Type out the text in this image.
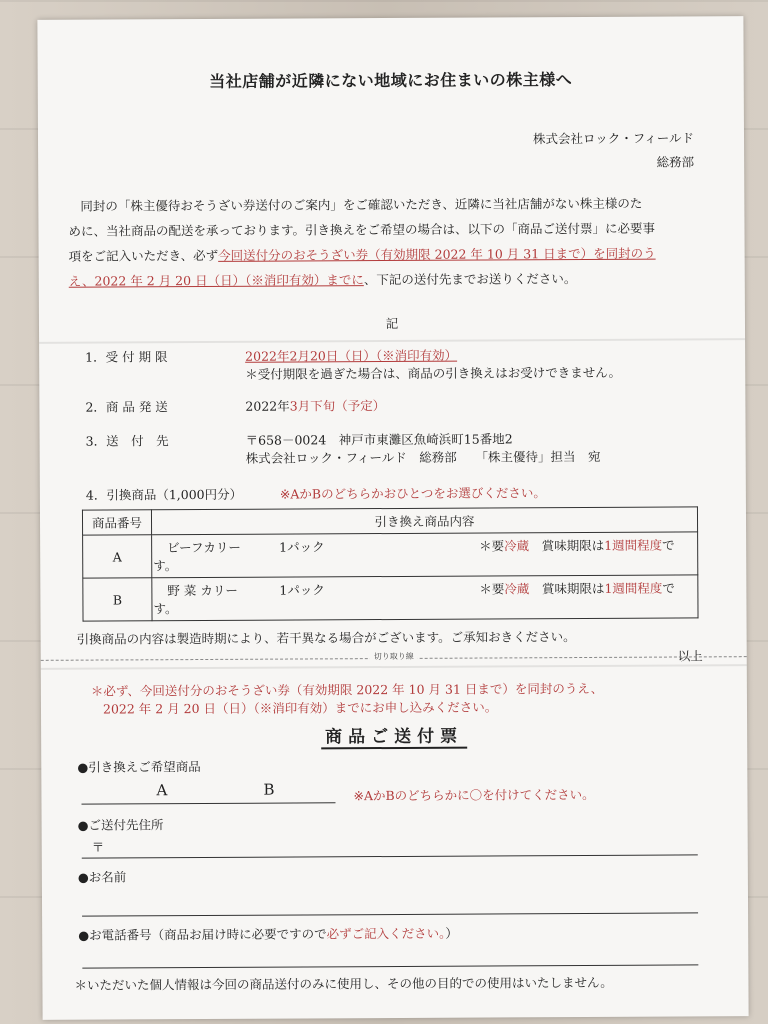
当社店舗が近隣にない地域にお住まいの株主様へ
株式会社ロック・フィールド
総務部
同封の「株主優待おそうざい券送付のご案内」をご確認いただき、近隣に当社店舗がない株主様のた
めに、当社商品の配送を承っております。引き換えをご希望の場合は、以下の「商品ご送付票」に必要事
項をご記入いただき、必ず今回送付分のおそうざい券（有効期限 2022 年 10 月 31 日まで）を同封のう
え、2022 年 2 月 20 日（日）（※消印有効）までに、下記の送付先までお送りください。
記
1．受 付 期 限	2022年2月20日（日）（※消印有効）
＊受付期限を過ぎた場合は、商品の引き換えはお受けできません。
2．商 品 発 送	2022年3月下旬（予定）
3．送　付　先	〒658－0024　神戸市東灘区魚崎浜町15番地2
株式会社ロック・フィールド　総務部　　「株主優待」担当　宛
4．引換商品（1,000円分）	※AかBのどちらかおひとつをお選びください。
商品番号	引き換え商品内容
A	ビーフカリー 1パック ＊要冷蔵　 賞味期限は1週間程度です。
B	野 菜 カリー 1パック ＊要冷蔵　 賞味期限は1週間程度です。
引換商品の内容は製造時期により、若干異なる場合がございます。ご承知おきください。
以上
切り取り線
＊必ず、今回送付分のおそうざい券（有効期限 2022 年 10 月 31 日まで）を同封のうえ、
2022 年 2 月 20 日（日）（※消印有効）までにお申し込みください。
商品ご送付票
●引き換えご希望商品
A	B	※AかBのどちらかに〇を付けてください。
●ご送付先住所
〒
●お名前
●お電話番号（商品お届け時に必要ですので必ずご記入ください。）
＊いただいた個人情報は今回の商品送付のみに使用し、その他の目的での使用はいたしません。
